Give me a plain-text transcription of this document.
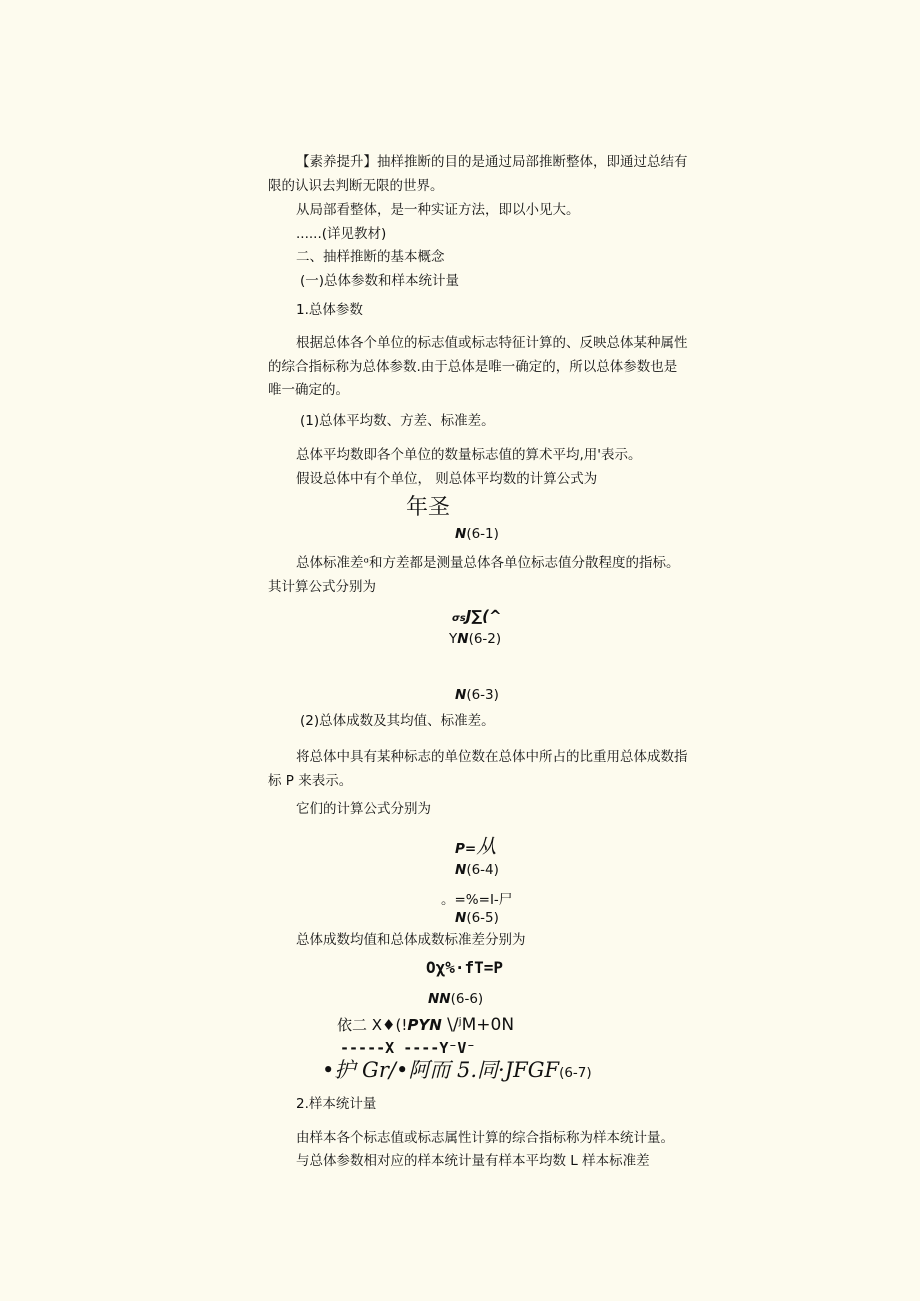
【素养提升】抽样推断的目的是通过局部推断整体，即通过总结有
限的认识去判断无限的世界。
从局部看整体，是一种实证方法，即以小见大。
......(详见教材)
二、抽样推断的基本概念
(一)总体参数和样本统计量
1.总体参数
根据总体各个单位的标志值或标志特征计算的、反映总体某种属性的综合指标称为总体参数.由于总体是唯一确定的，所以总体参数也是唯一确定的。
(1)总体平均数、方差、标准差。
总体平均数即各个单位的数量标志值的算术平均,用'表示。
假设总体中有个单位， 则总体平均数的计算公式为
年圣
N(6-1)
总体标准差ᵅ和方差都是测量总体各单位标志值分散程度的指标。其计算公式分别为
σsJ∑(^
YN(6-2)
N(6-3)
(2)总体成数及其均值、标准差。
将总体中具有某种标志的单位数在总体中所占的比重用总体成数指标 P 来表示。
它们的计算公式分别为
P=从
N(6-4)
。=%=I-尸
N(6-5)
总体成数均值和总体成数标准差分别为
Oχ%·fT=P
NN(6-6)
依二 X♦(!PYN \/ʲM+0N
-----X ----Y⁻V⁻
•护 Gr/•阿而 5.同·JFGF(6-7)
2.样本统计量
由样本各个标志值或标志属性计算的综合指标称为样本统计量。
与总体参数相对应的样本统计量有样本平均数 L 样本标准差
